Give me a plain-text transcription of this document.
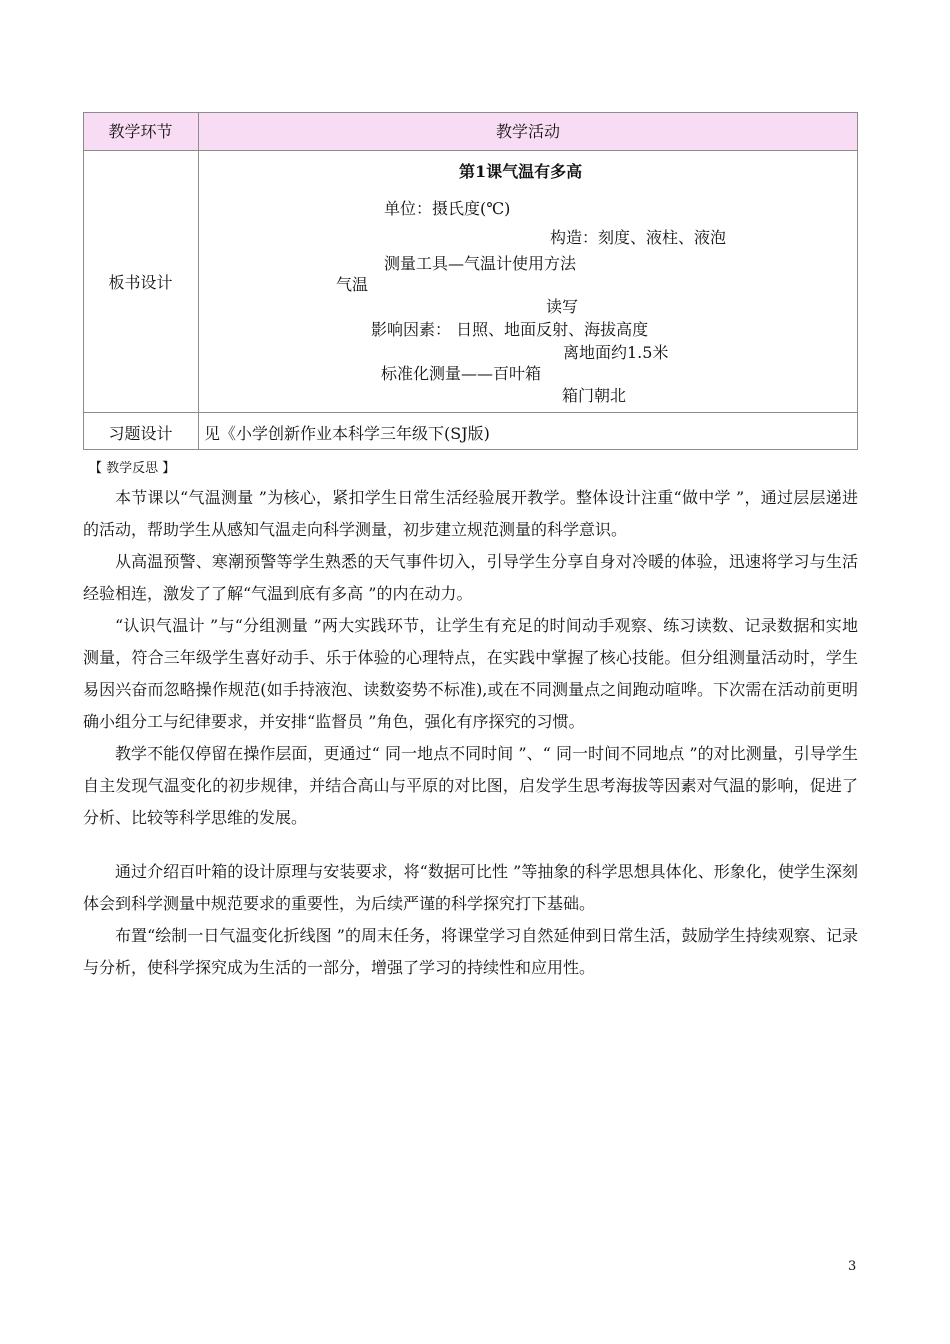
教学环节	教学活动
板书设计
第1课气温有多高
单位：摄氏度(℃)
构造：刻度、液柱、液泡
测量工具—气温计使用方法
气温
读写
影响因素： 日照、地面反射、海拔高度
离地面约1.5米
标准化测量——百叶箱
箱门朝北
习题设计	见《小学创新作业本科学三年级下(SJ版)
【 教学反思 】
本节课以“气温测量 ”为核心，紧扣学生日常生活经验展开教学。整体设计注重“做中学 ”，通过层层递进的活动，帮助学生从感知气温走向科学测量，初步建立规范测量的科学意识。
从高温预警、寒潮预警等学生熟悉的天气事件切入，引导学生分享自身对冷暖的体验，迅速将学习与生活经验相连，激发了了解“气温到底有多高 ”的内在动力。
“认识气温计 ”与“分组测量 ”两大实践环节，让学生有充足的时间动手观察、练习读数、记录数据和实地测量，符合三年级学生喜好动手、乐于体验的心理特点，在实践中掌握了核心技能。但分组测量活动时，学生易因兴奋而忽略操作规范(如手持液泡、读数姿势不标准),或在不同测量点之间跑动喧哗。下次需在活动前更明确小组分工与纪律要求，并安排“监督员 ”角色，强化有序探究的习惯。
教学不能仅停留在操作层面，更通过“ 同一地点不同时间 ”、“ 同一时间不同地点 ”的对比测量，引导学生自主发现气温变化的初步规律，并结合高山与平原的对比图，启发学生思考海拔等因素对气温的影响，促进了分析、比较等科学思维的发展。
通过介绍百叶箱的设计原理与安装要求，将“数据可比性 ”等抽象的科学思想具体化、形象化，使学生深刻体会到科学测量中规范要求的重要性，为后续严谨的科学探究打下基础。
布置“绘制一日气温变化折线图 ”的周末任务，将课堂学习自然延伸到日常生活，鼓励学生持续观察、记录与分析，使科学探究成为生活的一部分，增强了学习的持续性和应用性。
3
